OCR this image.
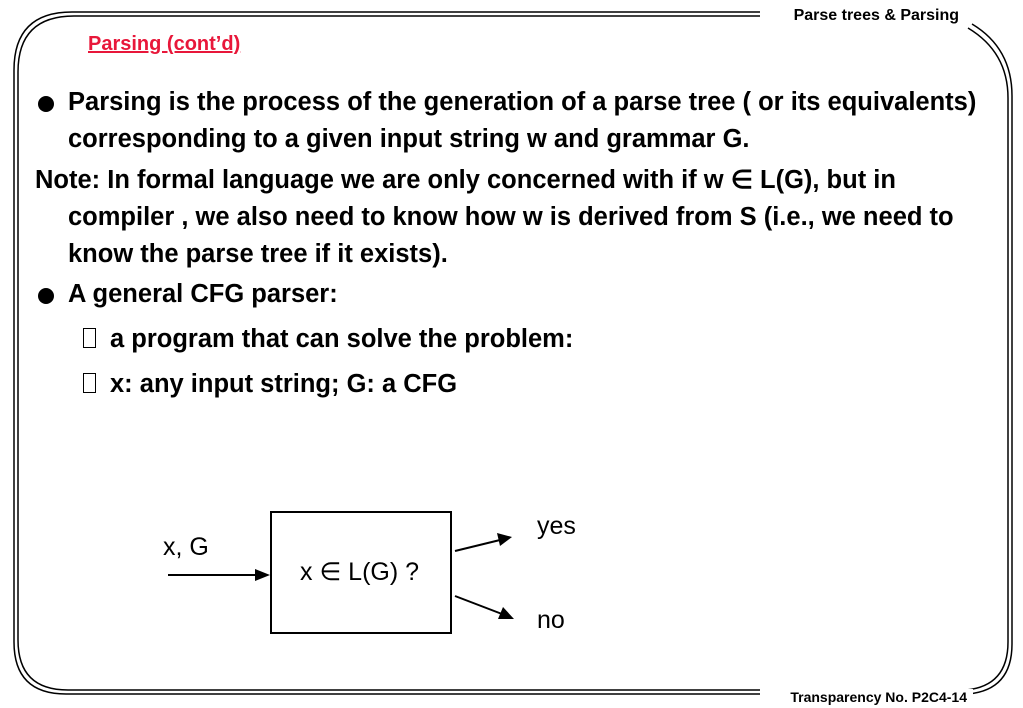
Parse trees & Parsing
Parsing (cont’d)
Parsing is the process of the generation of a parse tree ( or its equivalents) corresponding to a given input string w and grammar G.
Note: In formal language we are only concerned with if w ∈ L(G), but in compiler , we also need to know how w is derived from S (i.e., we need to know the parse tree if it exists).
A general CFG parser:
a program that can solve the problem:
x: any input string; G: a CFG
x, G
x ∈ L(G) ?
yes
no
Transparency No. P2C4-14
